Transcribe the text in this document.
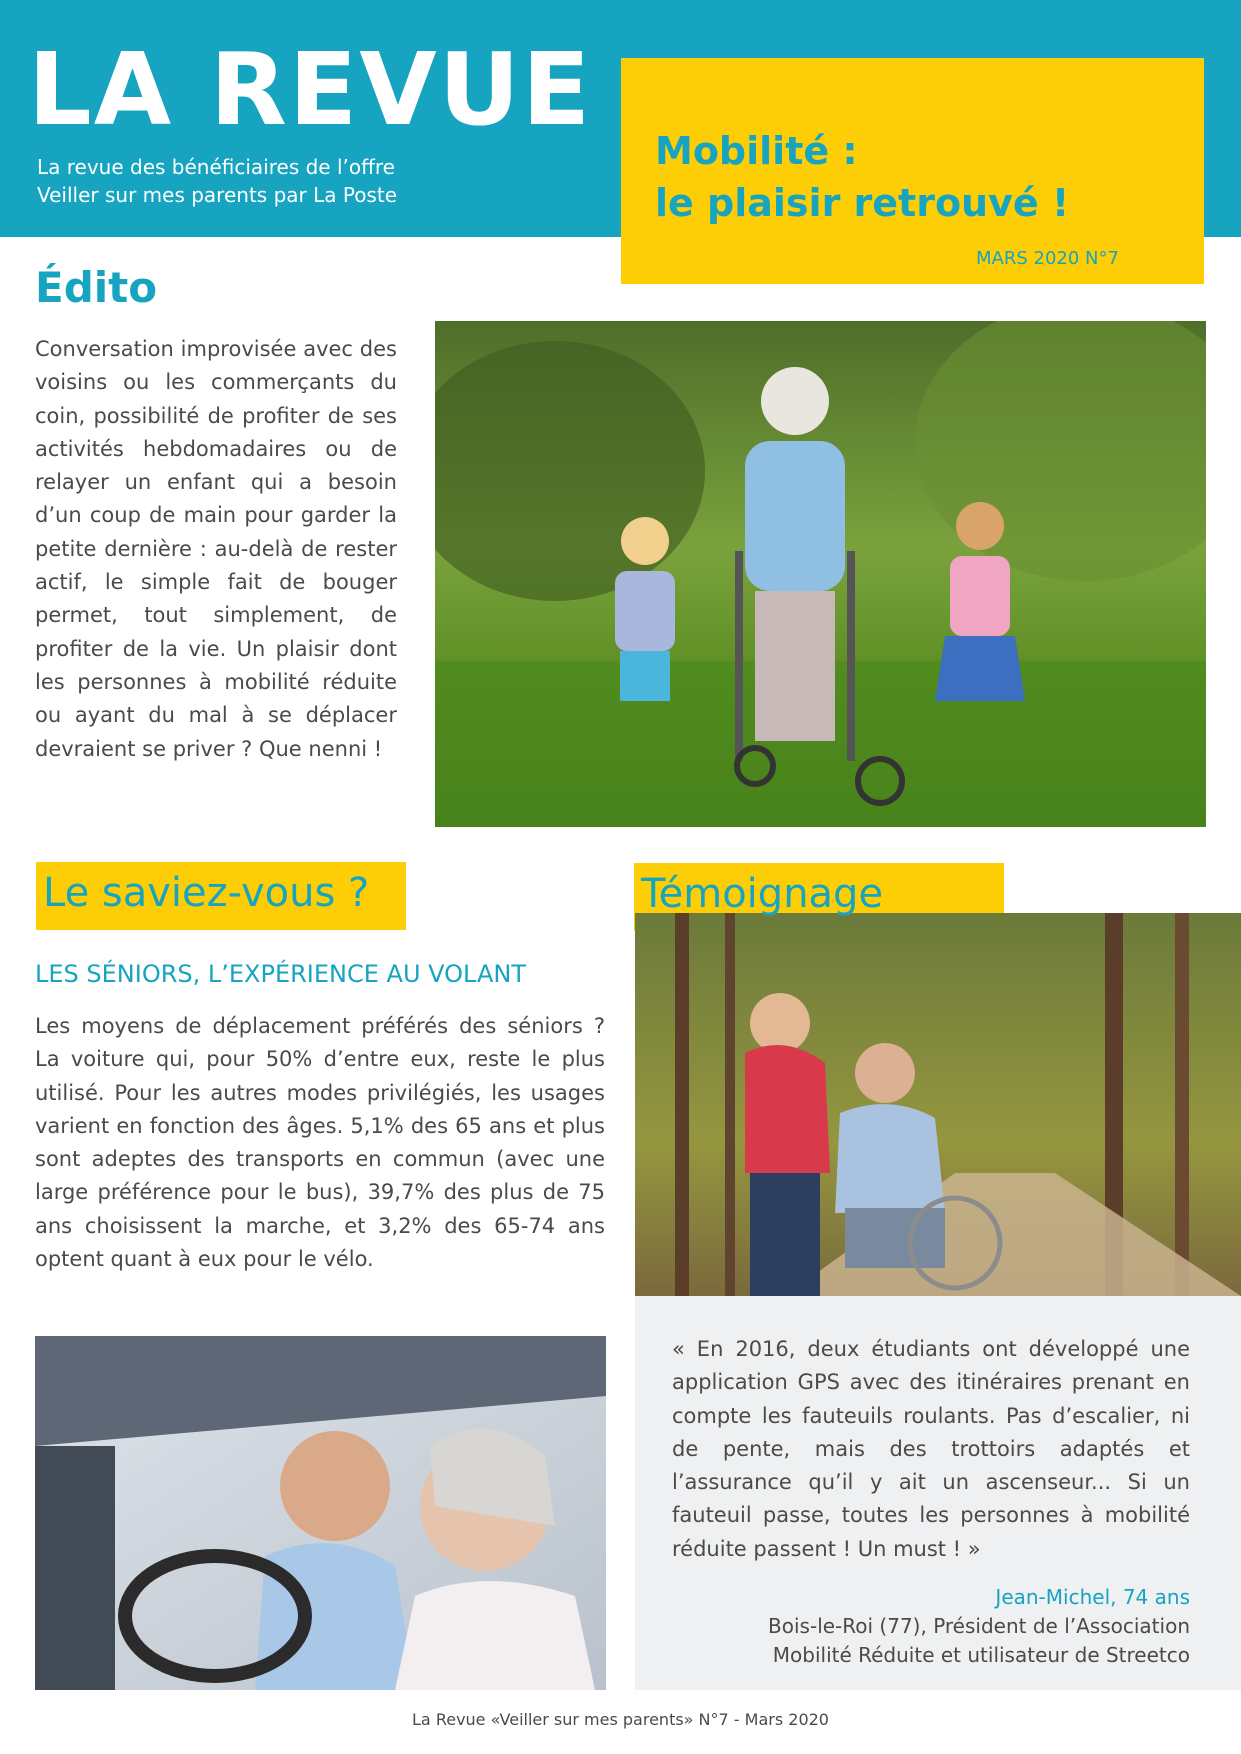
LA REVUE
La revue des bénéficiaires de l’offre
Veiller sur mes parents par La Poste
Mobilité :
le plaisir retrouvé !
MARS 2020 N°7
Édito
Conversation improvisée avec des voisins ou les commerçants du coin, possibilité de profiter de ses activités hebdomadaires ou de relayer un enfant qui a besoin d’un coup de main pour garder la petite dernière : au-delà de rester actif, le simple fait de bouger permet, tout simplement, de profiter de la vie. Un plaisir dont les personnes à mobilité réduite ou ayant du mal à se déplacer devraient se priver ? Que nenni !
Le saviez-vous ?
LES SÉNIORS, L’EXPÉRIENCE AU VOLANT
Les moyens de déplacement préférés des séniors ? La voiture qui, pour 50% d’entre eux, reste le plus utilisé. Pour les autres modes privilégiés, les usages varient en fonction des âges. 5,1% des 65 ans et plus sont adeptes des transports en commun (avec une large préférence pour le bus), 39,7% des plus de 75 ans choisissent la marche, et 3,2% des 65-74 ans optent quant à eux pour le vélo.
Témoignage
« En 2016, deux étudiants ont développé une application GPS avec des itinéraires prenant en compte les fauteuils roulants. Pas d’escalier, ni de pente, mais des trottoirs adaptés et l’assurance qu’il y ait un ascenseur... Si un fauteuil passe, toutes les personnes à mobilité réduite passent ! Un must ! »
Jean-Michel, 74 ans
Bois-le-Roi (77), Président de l’Association
Mobilité Réduite et utilisateur de Streetco
La Revue «Veiller sur mes parents» N°7 - Mars 2020
